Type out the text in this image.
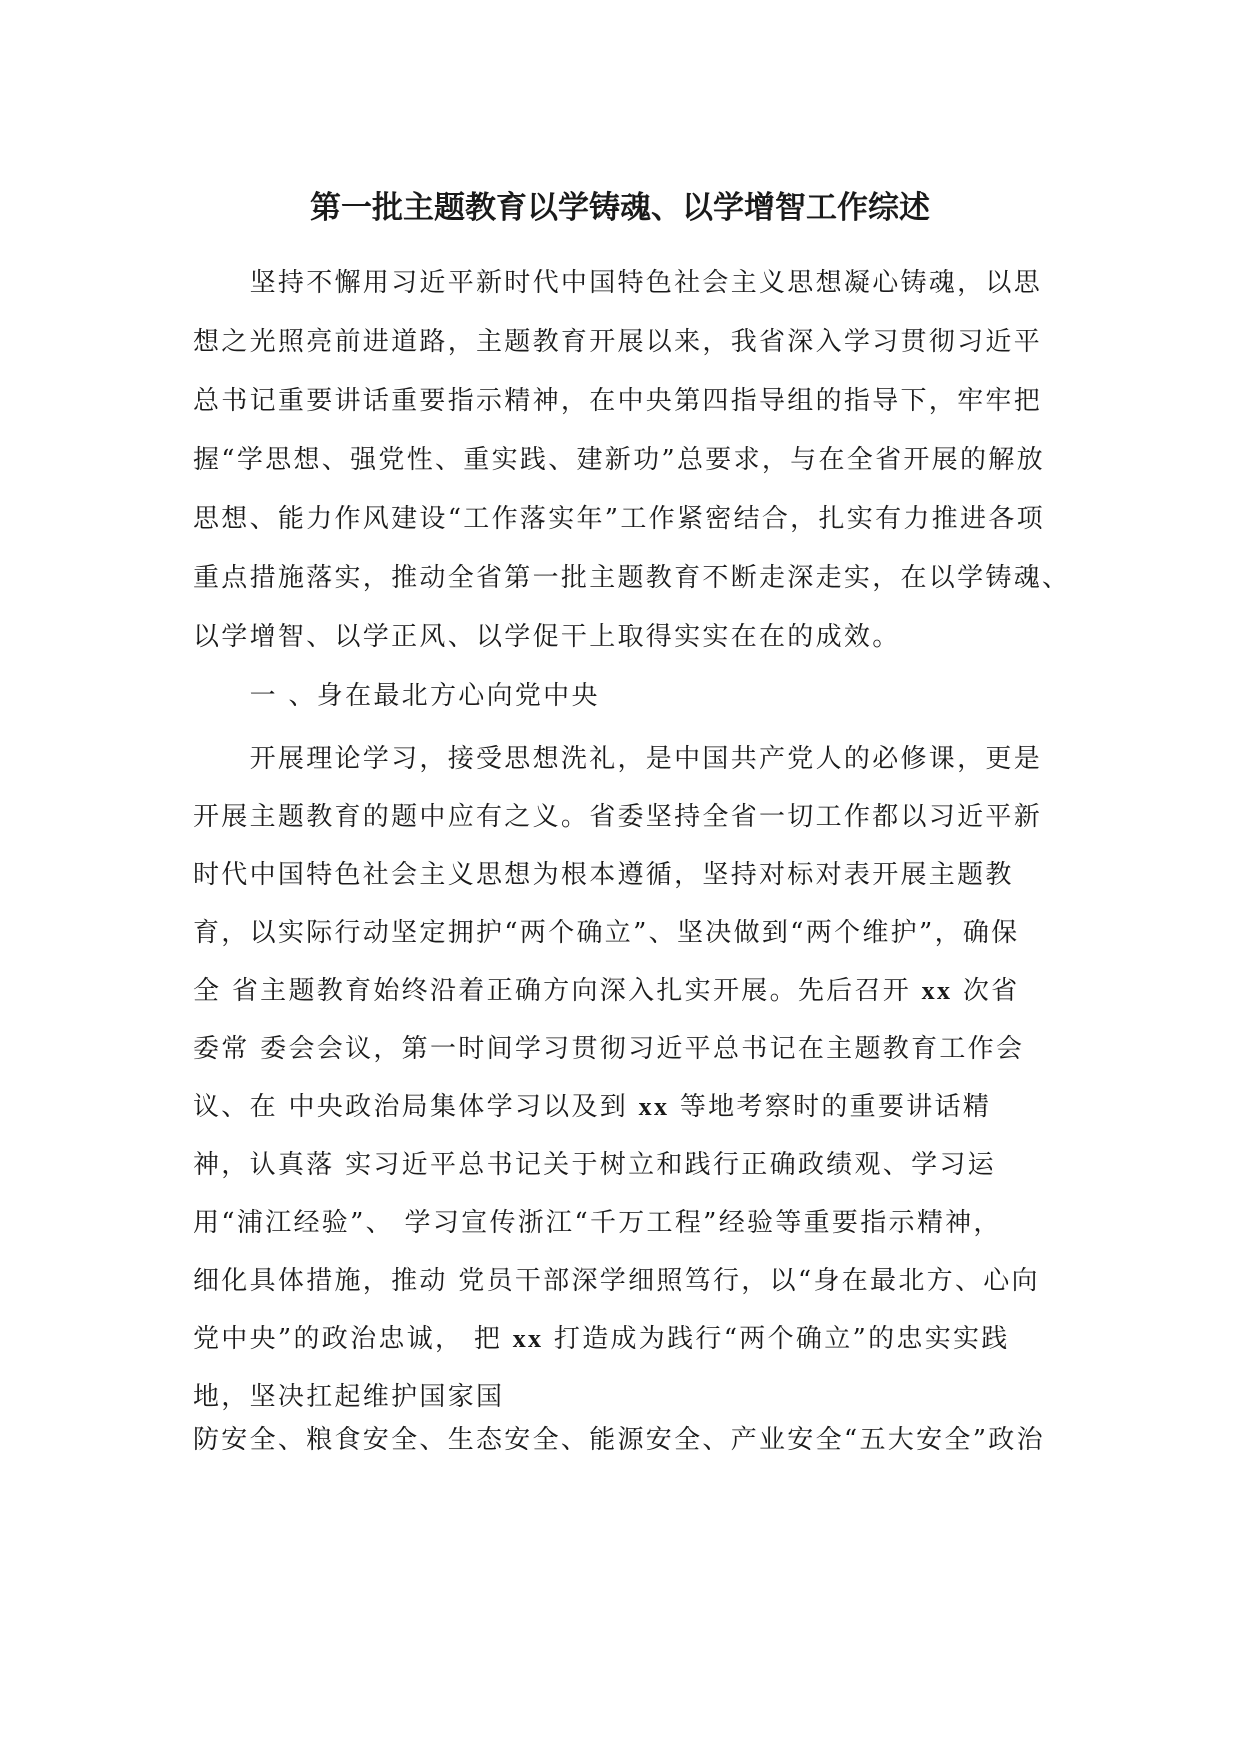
第一批主题教育以学铸魂、以学增智工作综述
　　坚持不懈用习近平新时代中国特色社会主义思想凝心铸魂，以思
想之光照亮前进道路，主题教育开展以来，我省深入学习贯彻习近平
总书记重要讲话重要指示精神，在中央第四指导组的指导下，牢牢把
握“学思想、强党性、重实践、建新功”总要求，与在全省开展的解放
思想、能力作风建设“工作落实年”工作紧密结合，扎实有力推进各项
重点措施落实，推动全省第一批主题教育不断走深走实，在以学铸魂、
以学增智、以学正风、以学促干上取得实实在在的成效。
　　一 、身在最北方心向党中央
　　开展理论学习，接受思想洗礼，是中国共产党人的必修课，更是
开展主题教育的题中应有之义。省委坚持全省一切工作都以习近平新
时代中国特色社会主义思想为根本遵循，坚持对标对表开展主题教
育，以实际行动坚定拥护“两个确立”、坚决做到“两个维护”，确保
全 省主题教育始终沿着正确方向深入扎实开展。先后召开 xx 次省
委常 委会会议，第一时间学习贯彻习近平总书记在主题教育工作会
议、在 中央政治局集体学习以及到 xx 等地考察时的重要讲话精
神，认真落 实习近平总书记关于树立和践行正确政绩观、学习运
用“浦江经验”、 学习宣传浙江“千万工程”经验等重要指示精神，
细化具体措施，推动 党员干部深学细照笃行，以“身在最北方、心向
党中央”的政治忠诚， 把 xx 打造成为践行“两个确立”的忠实实践
地，坚决扛起维护国家国
防安全、粮食安全、生态安全、能源安全、产业安全“五大安全”政治
